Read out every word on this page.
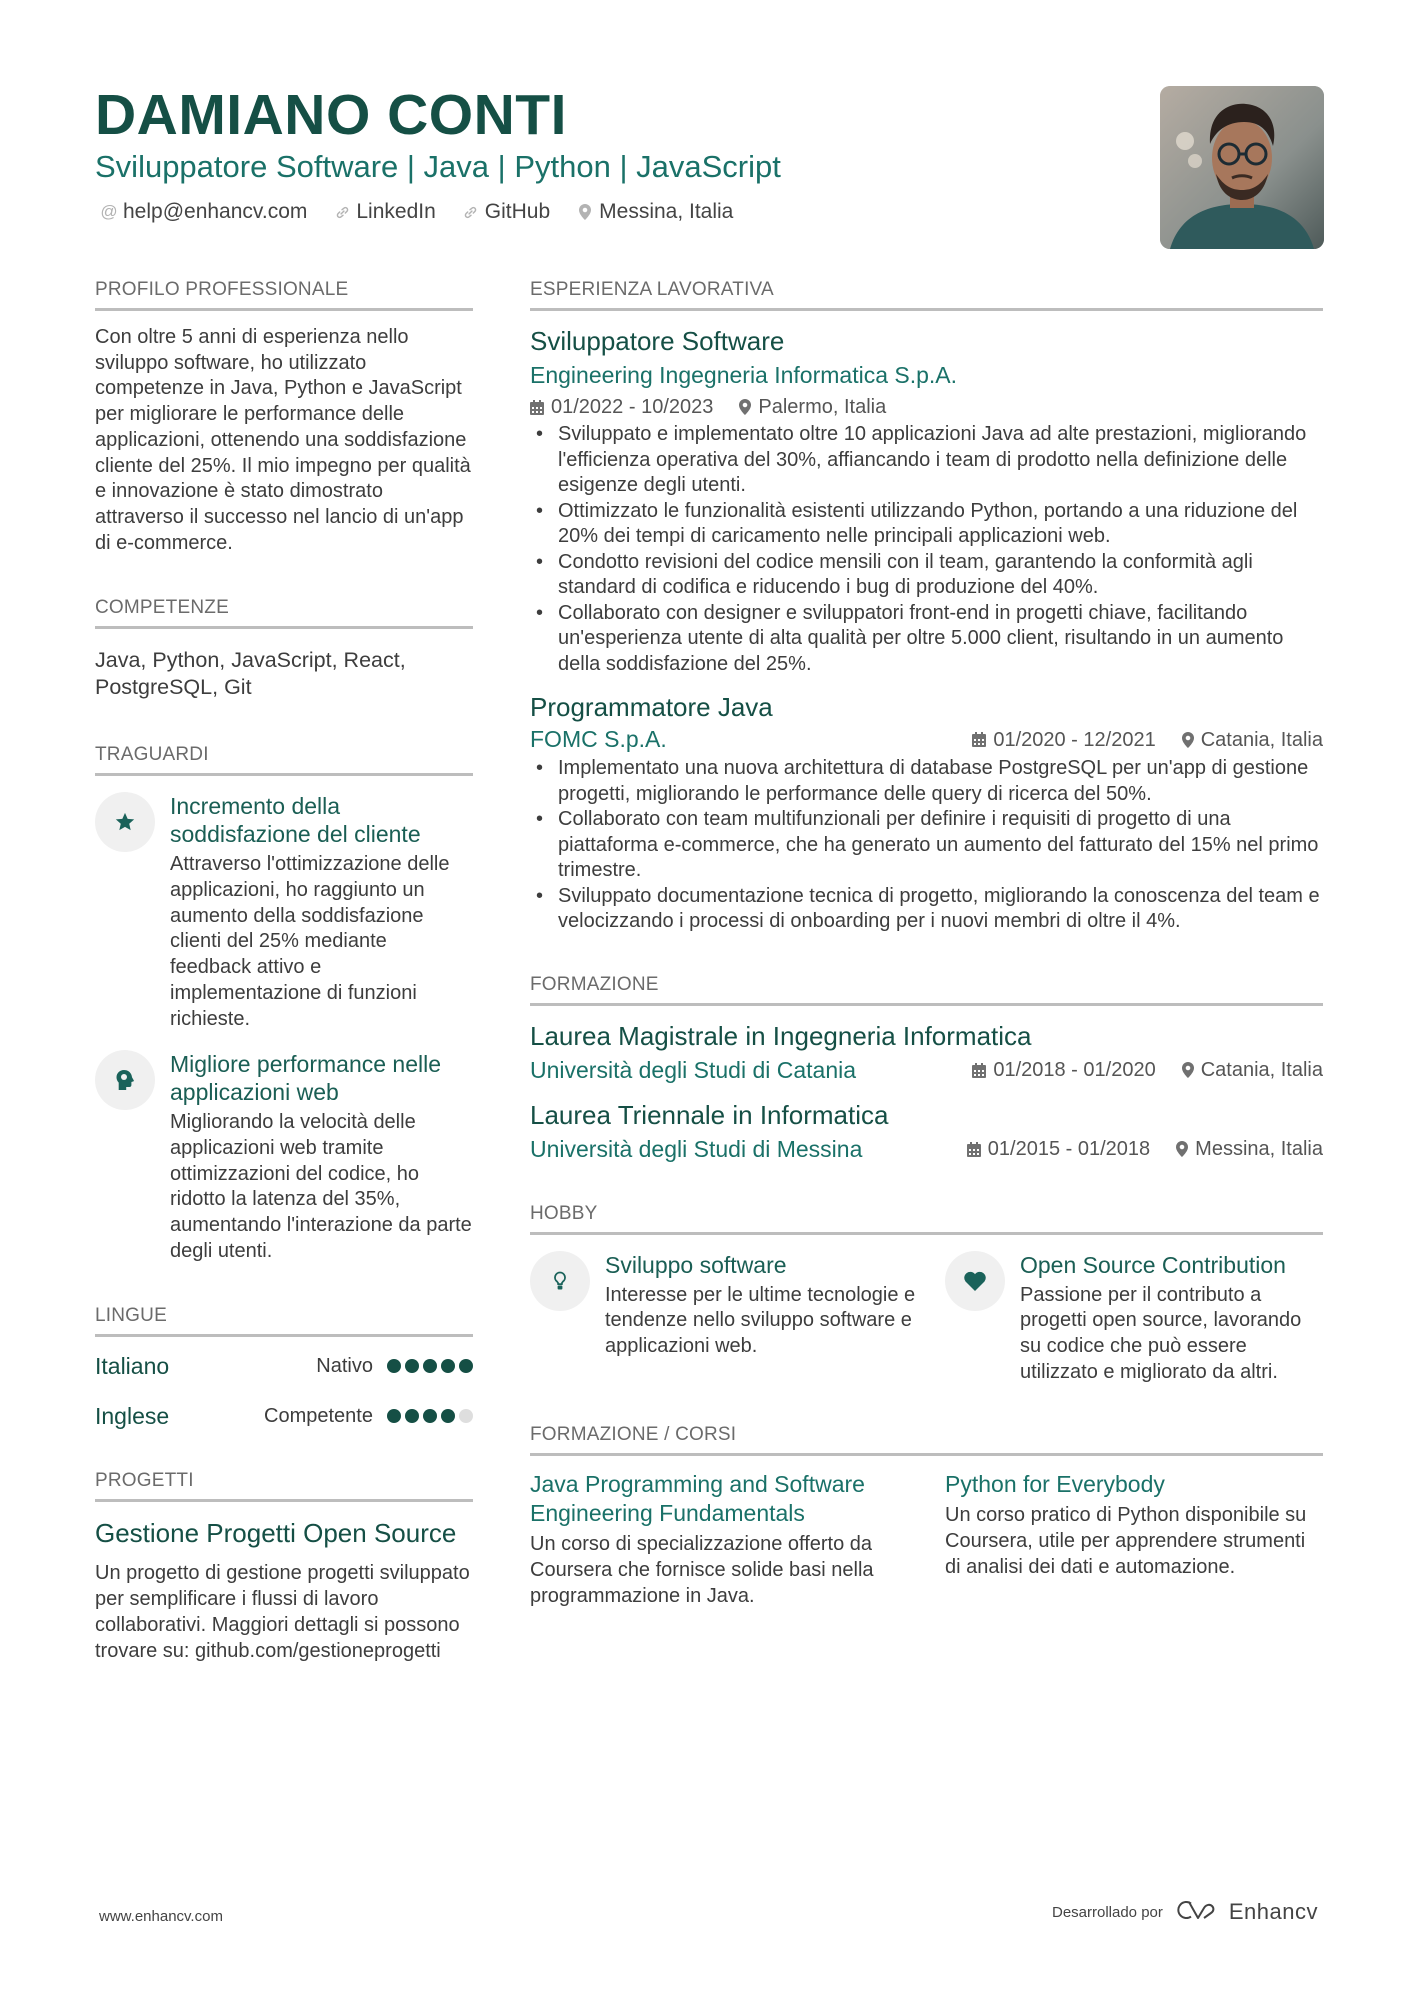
DAMIANO CONTI
Sviluppatore Software | Java | Python | JavaScript
@ help@enhancv.com LinkedIn GitHub Messina, Italia
PROFILO PROFESSIONALE
Con oltre 5 anni di esperienza nello sviluppo software, ho utilizzato competenze in Java, Python e JavaScript per migliorare le performance delle applicazioni, ottenendo una soddisfazione cliente del 25%. Il mio impegno per qualità e innovazione è stato dimostrato attraverso il successo nel lancio di un'app di e-commerce.
COMPETENZE
Java, Python, JavaScript, React, PostgreSQL, Git
TRAGUARDI
Incremento della soddisfazione del cliente
Attraverso l'ottimizzazione delle applicazioni, ho raggiunto un aumento della soddisfazione clienti del 25% mediante feedback attivo e implementazione di funzioni richieste.
Migliore performance nelle applicazioni web
Migliorando la velocità delle applicazioni web tramite ottimizzazioni del codice, ho ridotto la latenza del 35%, aumentando l'interazione da parte degli utenti.
LINGUE
Italiano	Nativo
Inglese	Competente
PROGETTI
Gestione Progetti Open Source
Un progetto di gestione progetti sviluppato per semplificare i flussi di lavoro collaborativi. Maggiori dettagli si possono trovare su: github.com/gestioneprogetti
ESPERIENZA LAVORATIVA
Sviluppatore Software
Engineering Ingegneria Informatica S.p.A.
01/2022 - 10/2023 Palermo, Italia
• Sviluppato e implementato oltre 10 applicazioni Java ad alte prestazioni, migliorando l'efficienza operativa del 30%, affiancando i team di prodotto nella definizione delle esigenze degli utenti.
• Ottimizzato le funzionalità esistenti utilizzando Python, portando a una riduzione del 20% dei tempi di caricamento nelle principali applicazioni web.
• Condotto revisioni del codice mensili con il team, garantendo la conformità agli standard di codifica e riducendo i bug di produzione del 40%.
• Collaborato con designer e sviluppatori front-end in progetti chiave, facilitando un'esperienza utente di alta qualità per oltre 5.000 client, risultando in un aumento della soddisfazione del 25%.
Programmatore Java
FOMC S.p.A.	01/2020 - 12/2021 Catania, Italia
• Implementato una nuova architettura di database PostgreSQL per un'app di gestione progetti, migliorando le performance delle query di ricerca del 50%.
• Collaborato con team multifunzionali per definire i requisiti di progetto di una piattaforma e-commerce, che ha generato un aumento del fatturato del 15% nel primo trimestre.
• Sviluppato documentazione tecnica di progetto, migliorando la conoscenza del team e velocizzando i processi di onboarding per i nuovi membri di oltre il 4%.
FORMAZIONE
Laurea Magistrale in Ingegneria Informatica
Università degli Studi di Catania	01/2018 - 01/2020 Catania, Italia
Laurea Triennale in Informatica
Università degli Studi di Messina	01/2015 - 01/2018 Messina, Italia
HOBBY
Sviluppo software
Interesse per le ultime tecnologie e tendenze nello sviluppo software e applicazioni web.
Open Source Contribution
Passione per il contributo a progetti open source, lavorando su codice che può essere utilizzato e migliorato da altri.
FORMAZIONE / CORSI
Java Programming and Software Engineering Fundamentals
Un corso di specializzazione offerto da Coursera che fornisce solide basi nella programmazione in Java.
Python for Everybody
Un corso pratico di Python disponibile su Coursera, utile per apprendere strumenti di analisi dei dati e automazione.
www.enhancv.com	Desarrollado por	Enhancv
